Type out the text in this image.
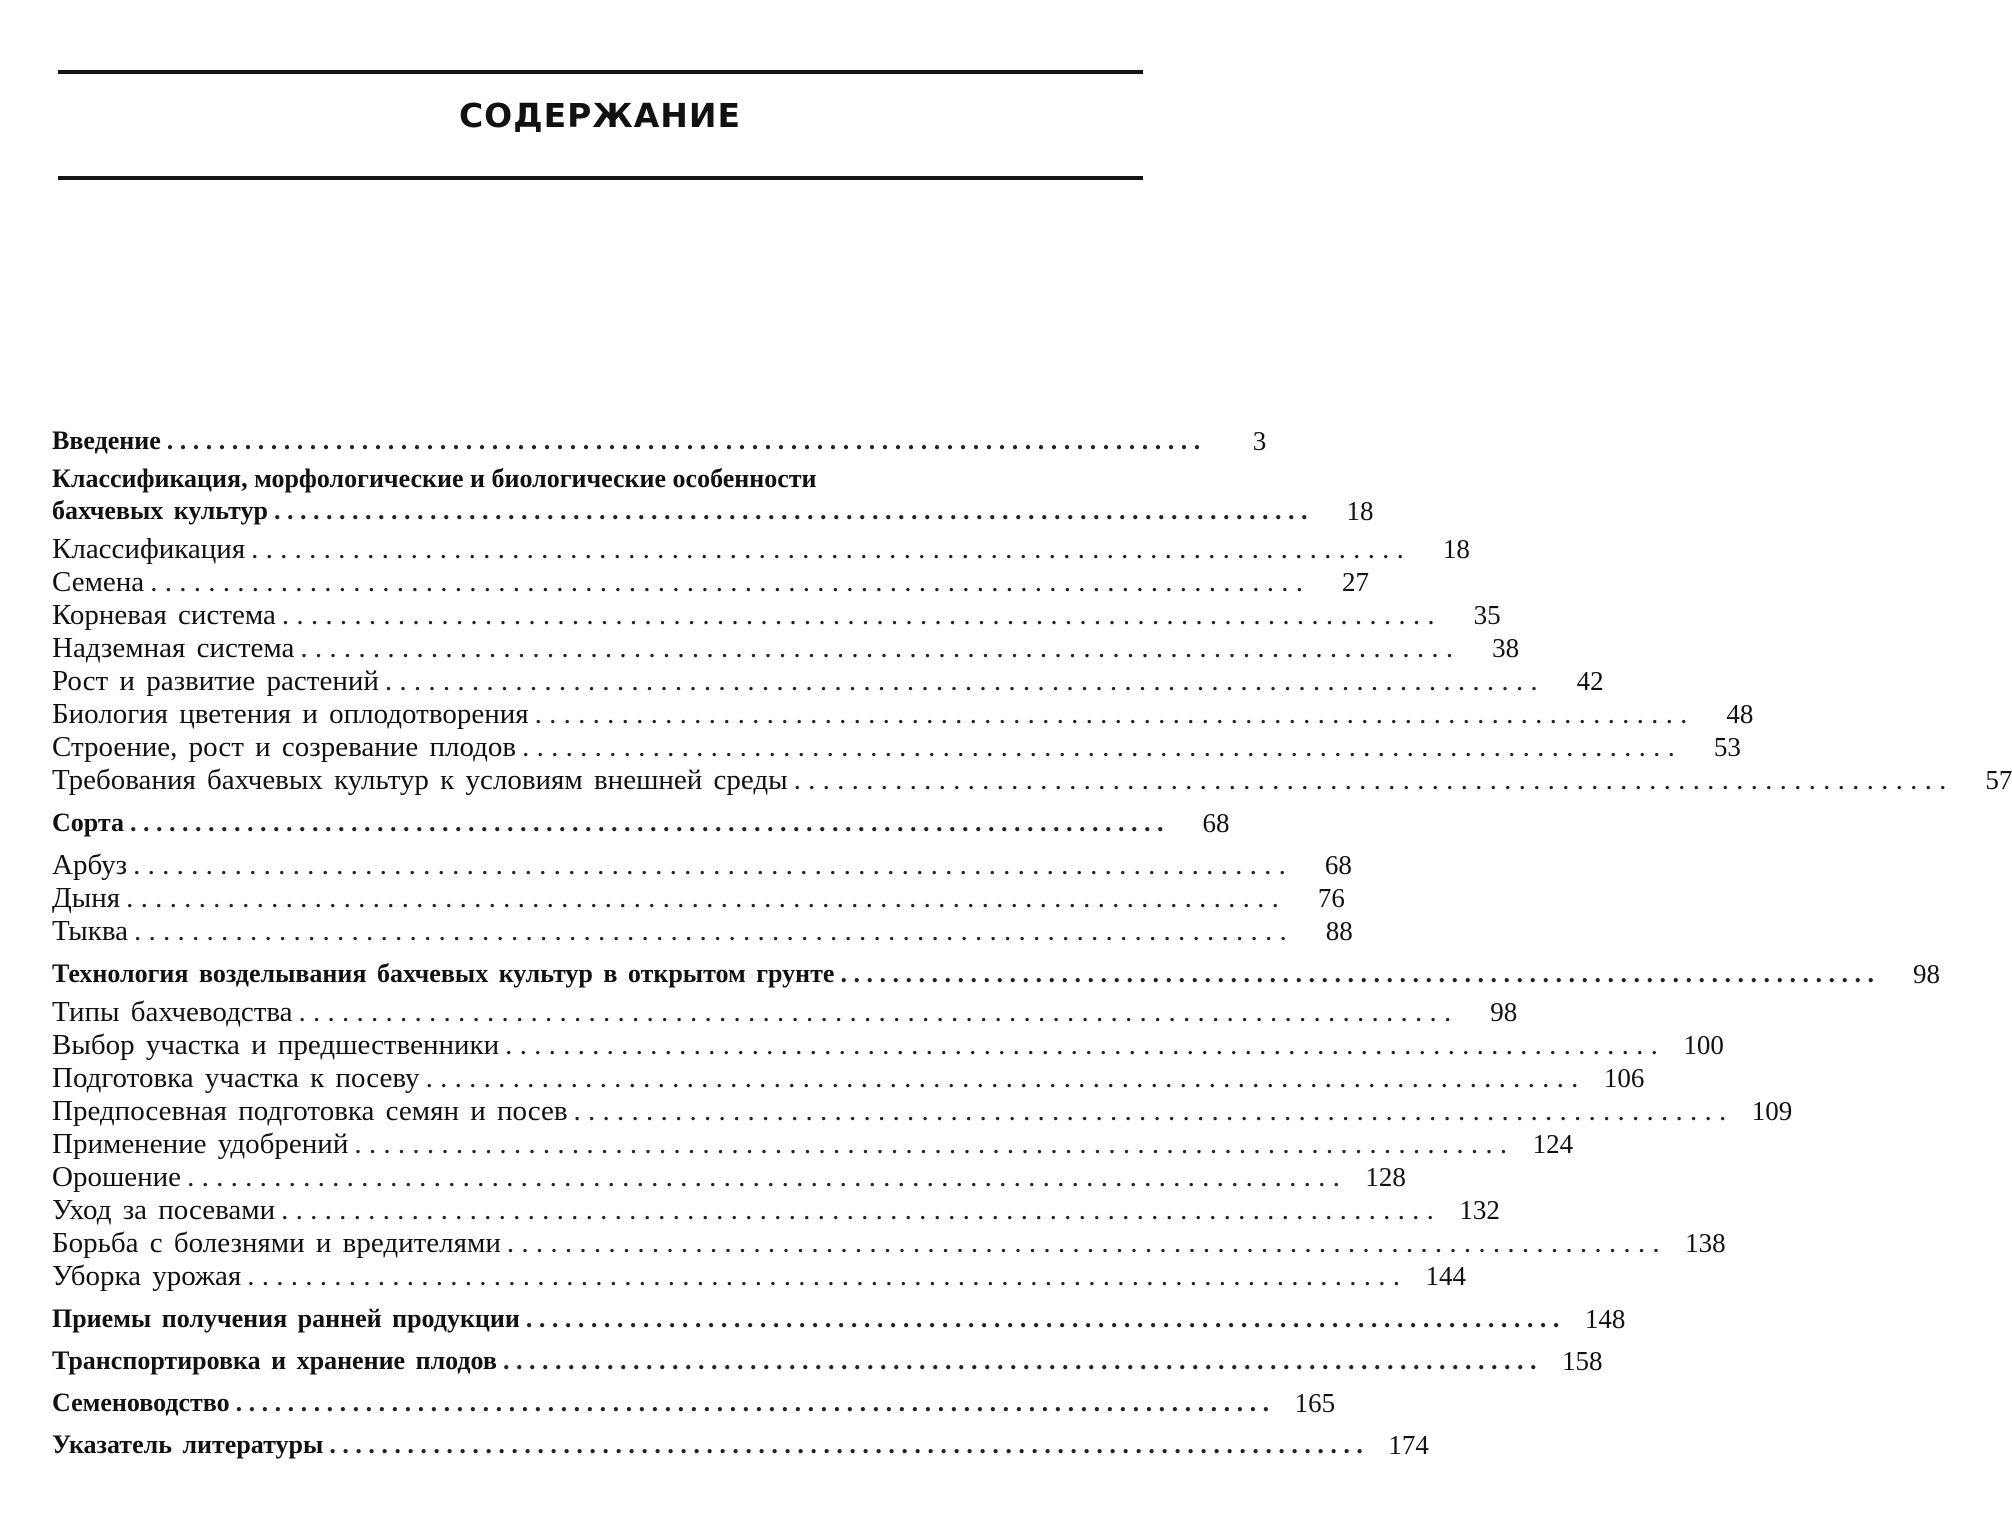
СОДЕРЖАНИЕ
Введение . . . . . . . . . . . . . . . . . . . . . . . . . . . . . . . . . . . . . . . . . . . . . . . . . . . . . . . . . . . . . . . . . . . . . . . . . . . . . . . .	3
Классификация, морфологические и биологические особенности
бахчевых культур . . . . . . . . . . . . . . . . . . . . . . . . . . . . . . . . . . . . . . . . . . . . . . . . . . . . . . . . . . . . . . . . . . . . . . . . . . . . . . . .	18
Классификация . . . . . . . . . . . . . . . . . . . . . . . . . . . . . . . . . . . . . . . . . . . . . . . . . . . . . . . . . . . . . . . . . . . . . . . . . . . . . . . .	18
Семена . . . . . . . . . . . . . . . . . . . . . . . . . . . . . . . . . . . . . . . . . . . . . . . . . . . . . . . . . . . . . . . . . . . . . . . . . . . . . . . .	27
Корневая система . . . . . . . . . . . . . . . . . . . . . . . . . . . . . . . . . . . . . . . . . . . . . . . . . . . . . . . . . . . . . . . . . . . . . . . . . . . . . . . .	35
Надземная система . . . . . . . . . . . . . . . . . . . . . . . . . . . . . . . . . . . . . . . . . . . . . . . . . . . . . . . . . . . . . . . . . . . . . . . . . . . . . . . .	38
Рост и развитие растений . . . . . . . . . . . . . . . . . . . . . . . . . . . . . . . . . . . . . . . . . . . . . . . . . . . . . . . . . . . . . . . . . . . . . . . . . . . . . . . .	42
Биология цветения и оплодотворения . . . . . . . . . . . . . . . . . . . . . . . . . . . . . . . . . . . . . . . . . . . . . . . . . . . . . . . . . . . . . . . . . . . . . . . . . . . . . . . .	48
Строение, рост и созревание плодов . . . . . . . . . . . . . . . . . . . . . . . . . . . . . . . . . . . . . . . . . . . . . . . . . . . . . . . . . . . . . . . . . . . . . . . . . . . . . . . .	53
Требования бахчевых культур к условиям внешней среды . . . . . . . . . . . . . . . . . . . . . . . . . . . . . . . . . . . . . . . . . . . . . . . . . . . . . . . . . . . . . . . . . . . . . . . . . . . . . . . .	57
Сорта . . . . . . . . . . . . . . . . . . . . . . . . . . . . . . . . . . . . . . . . . . . . . . . . . . . . . . . . . . . . . . . . . . . . . . . . . . . . . . . .	68
Арбуз . . . . . . . . . . . . . . . . . . . . . . . . . . . . . . . . . . . . . . . . . . . . . . . . . . . . . . . . . . . . . . . . . . . . . . . . . . . . . . . .	68
Дыня . . . . . . . . . . . . . . . . . . . . . . . . . . . . . . . . . . . . . . . . . . . . . . . . . . . . . . . . . . . . . . . . . . . . . . . . . . . . . . . .	76
Тыква . . . . . . . . . . . . . . . . . . . . . . . . . . . . . . . . . . . . . . . . . . . . . . . . . . . . . . . . . . . . . . . . . . . . . . . . . . . . . . . .	88
Технология возделывания бахчевых культур в открытом грунте . . . . . . . . . . . . . . . . . . . . . . . . . . . . . . . . . . . . . . . . . . . . . . . . . . . . . . . . . . . . . . . . . . . . . . . . . . . . . . . .	98
Типы бахчеводства . . . . . . . . . . . . . . . . . . . . . . . . . . . . . . . . . . . . . . . . . . . . . . . . . . . . . . . . . . . . . . . . . . . . . . . . . . . . . . . .	98
Выбор участка и предшественники . . . . . . . . . . . . . . . . . . . . . . . . . . . . . . . . . . . . . . . . . . . . . . . . . . . . . . . . . . . . . . . . . . . . . . . . . . . . . . . . 100
Подготовка участка к посеву . . . . . . . . . . . . . . . . . . . . . . . . . . . . . . . . . . . . . . . . . . . . . . . . . . . . . . . . . . . . . . . . . . . . . . . . . . . . . . . . 106
Предпосевная подготовка семян и посев . . . . . . . . . . . . . . . . . . . . . . . . . . . . . . . . . . . . . . . . . . . . . . . . . . . . . . . . . . . . . . . . . . . . . . . . . . . . . . . . 109
Применение удобрений . . . . . . . . . . . . . . . . . . . . . . . . . . . . . . . . . . . . . . . . . . . . . . . . . . . . . . . . . . . . . . . . . . . . . . . . . . . . . . . . 124
Орошение . . . . . . . . . . . . . . . . . . . . . . . . . . . . . . . . . . . . . . . . . . . . . . . . . . . . . . . . . . . . . . . . . . . . . . . . . . . . . . . . 128
Уход за посевами . . . . . . . . . . . . . . . . . . . . . . . . . . . . . . . . . . . . . . . . . . . . . . . . . . . . . . . . . . . . . . . . . . . . . . . . . . . . . . . . 132
Борьба с болезнями и вредителями . . . . . . . . . . . . . . . . . . . . . . . . . . . . . . . . . . . . . . . . . . . . . . . . . . . . . . . . . . . . . . . . . . . . . . . . . . . . . . . . 138
Уборка урожая . . . . . . . . . . . . . . . . . . . . . . . . . . . . . . . . . . . . . . . . . . . . . . . . . . . . . . . . . . . . . . . . . . . . . . . . . . . . . . . . 144
Приемы получения ранней продукции . . . . . . . . . . . . . . . . . . . . . . . . . . . . . . . . . . . . . . . . . . . . . . . . . . . . . . . . . . . . . . . . . . . . . . . . . . . . . . . . 148
Транспортировка и хранение плодов . . . . . . . . . . . . . . . . . . . . . . . . . . . . . . . . . . . . . . . . . . . . . . . . . . . . . . . . . . . . . . . . . . . . . . . . . . . . . . . . 158
Семеноводство . . . . . . . . . . . . . . . . . . . . . . . . . . . . . . . . . . . . . . . . . . . . . . . . . . . . . . . . . . . . . . . . . . . . . . . . . . . . . . . . 165
Указатель литературы . . . . . . . . . . . . . . . . . . . . . . . . . . . . . . . . . . . . . . . . . . . . . . . . . . . . . . . . . . . . . . . . . . . . . . . . . . . . . . . . 174
